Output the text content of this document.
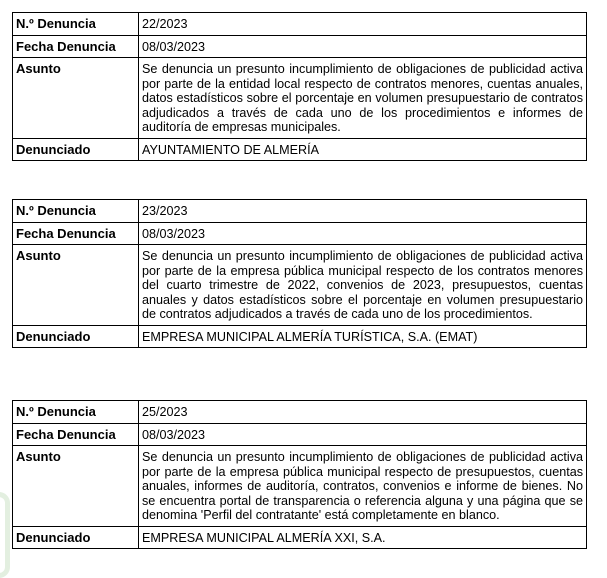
N.º Denuncia	22/2023
Fecha Denuncia	08/03/2023
Asunto	Se denuncia un presunto incumplimiento de obligaciones de publicidad activa por parte de la entidad local respecto de contratos menores, cuentas anuales, datos estadísticos sobre el porcentaje en volumen presupuestario de contratos adjudicados a través de cada uno de los procedimientos e informes de auditoría de empresas municipales.
Denunciado	AYUNTAMIENTO DE ALMERÍA
N.º Denuncia	23/2023
Fecha Denuncia	08/03/2023
Asunto	Se denuncia un presunto incumplimiento de obligaciones de publicidad activa por parte de la empresa pública municipal respecto de los contratos menores del cuarto trimestre de 2022, convenios de 2023, presupuestos, cuentas anuales y datos estadísticos sobre el porcentaje en volumen presupuestario de contratos adjudicados a través de cada uno de los procedimientos.
Denunciado	EMPRESA MUNICIPAL ALMERÍA TURÍSTICA, S.A. (EMAT)
N.º Denuncia	25/2023
Fecha Denuncia	08/03/2023
Asunto	Se denuncia un presunto incumplimiento de obligaciones de publicidad activa por parte de la empresa pública municipal respecto de presupuestos, cuentas anuales, informes de auditoría, contratos, convenios e informe de bienes. No se encuentra portal de transparencia o referencia alguna y una página que se denomina 'Perfil del contratante' está completamente en blanco.
Denunciado	EMPRESA MUNICIPAL ALMERÍA XXI, S.A.
